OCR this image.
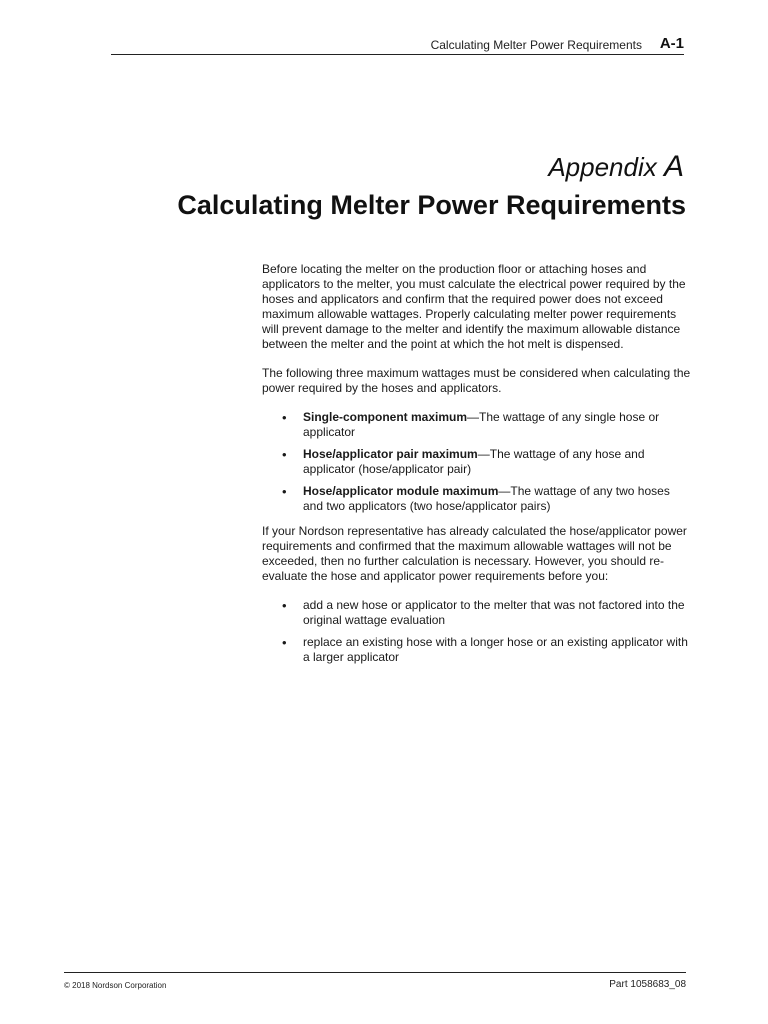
Calculating Melter Power Requirements A-1
Appendix A
Calculating Melter Power Requirements

Before locating the melter on the production floor or attaching hoses and applicators to the melter, you must calculate the electrical power required by the hoses and applicators and confirm that the required power does not exceed maximum allowable wattages. Properly calculating melter power requirements will prevent damage to the melter and identify the maximum allowable distance between the melter and the point at which the hot melt is dispensed.

The following three maximum wattages must be considered when calculating the power required by the hoses and applicators.

• Single-component maximum—The wattage of any single hose or applicator
• Hose/applicator pair maximum—The wattage of any hose and applicator (hose/applicator pair)
• Hose/applicator module maximum—The wattage of any two hoses and two applicators (two hose/applicator pairs)

If your Nordson representative has already calculated the hose/applicator power requirements and confirmed that the maximum allowable wattages will not be exceeded, then no further calculation is necessary. However, you should re-evaluate the hose and applicator power requirements before you:

• add a new hose or applicator to the melter that was not factored into the original wattage evaluation
• replace an existing hose with a longer hose or an existing applicator with a larger applicator
© 2018 Nordson Corporation	Part 1058683_08
